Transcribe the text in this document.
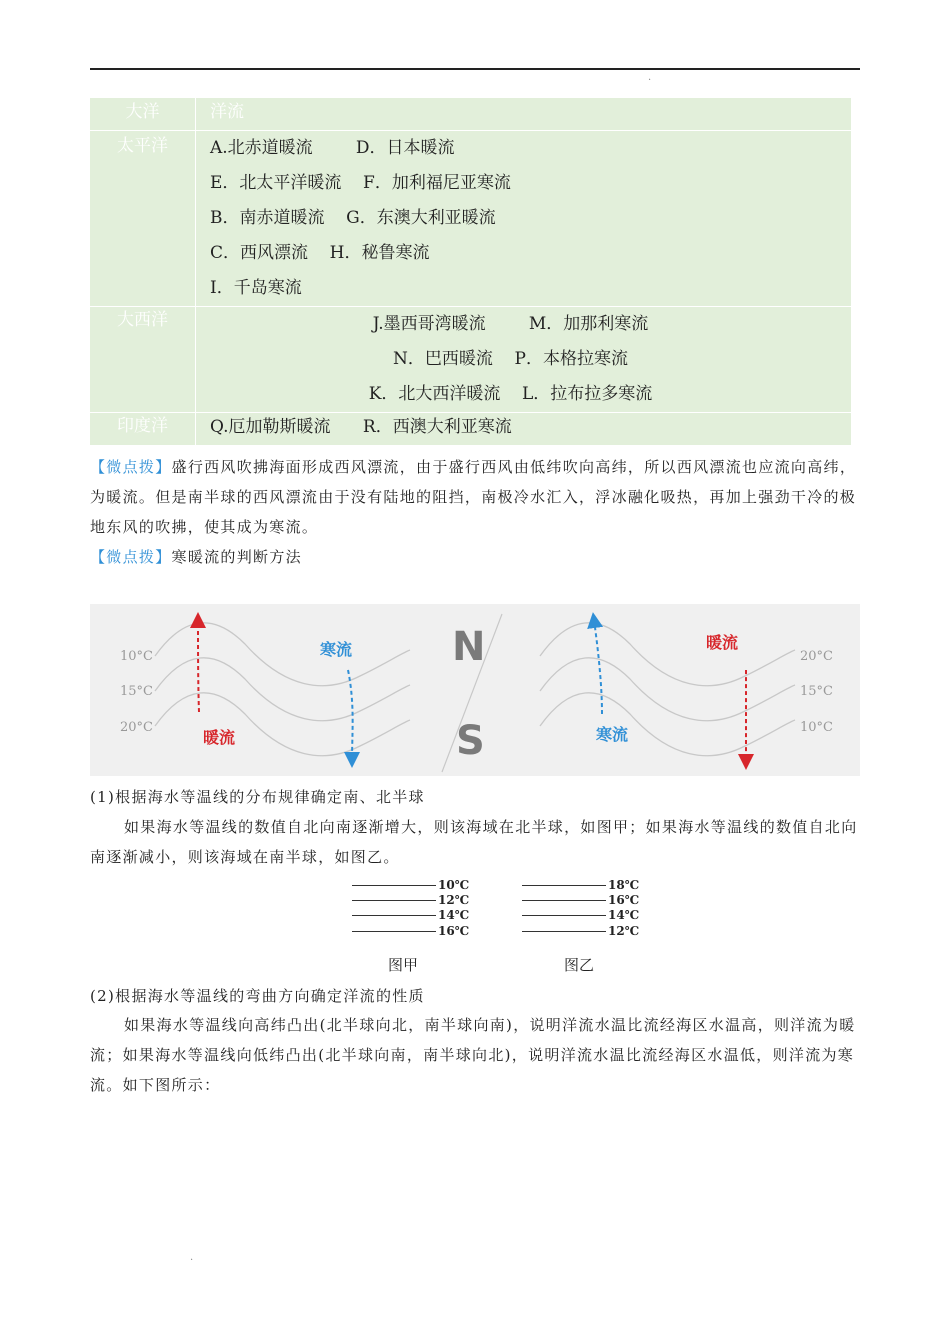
.
大洋	洋流
太平洋	A.北赤道暖流        D．日本暖流
E．北太平洋暖流    F．加利福尼亚寒流
B．南赤道暖流    G．东澳大利亚暖流
C．西风漂流    H．秘鲁寒流
I．千岛寒流

大西洋	J.墨西哥湾暖流        M．加那利寒流
N．巴西暖流    P．本格拉寒流
K．北大西洋暖流    L．拉布拉多寒流

印度洋	Q.厄加勒斯暖流      R．西澳大利亚寒流
【微点拨】盛行西风吹拂海面形成西风漂流，由于盛行西风由低纬吹向高纬，所以西风漂流也应流向高纬，为暖流。但是南半球的西风漂流由于没有陆地的阻挡，南极冷水汇入，浮冰融化吸热，再加上强劲干冷的极地东风的吹拂，使其成为寒流。
【微点拨】寒暖流的判断方法
10°C
15°C
20°C
20°C
15°C
10°C
暖流
寒流
寒流
暖流
N
S
(1)根据海水等温线的分布规律确定南、北半球
如果海水等温线的数值自北向南逐渐增大，则该海域在北半球，如图甲；如果海水等温线的数值自北向南逐渐减小，则该海域在南半球，如图乙。
10℃
12℃
14℃
16℃
18℃
16℃
14℃
12℃
图甲	图乙
(2)根据海水等温线的弯曲方向确定洋流的性质
如果海水等温线向高纬凸出(北半球向北，南半球向南)，说明洋流水温比流经海区水温高，则洋流为暖流；如果海水等温线向低纬凸出(北半球向南，南半球向北)，说明洋流水温比流经海区水温低，则洋流为寒流。如下图所示：
.
